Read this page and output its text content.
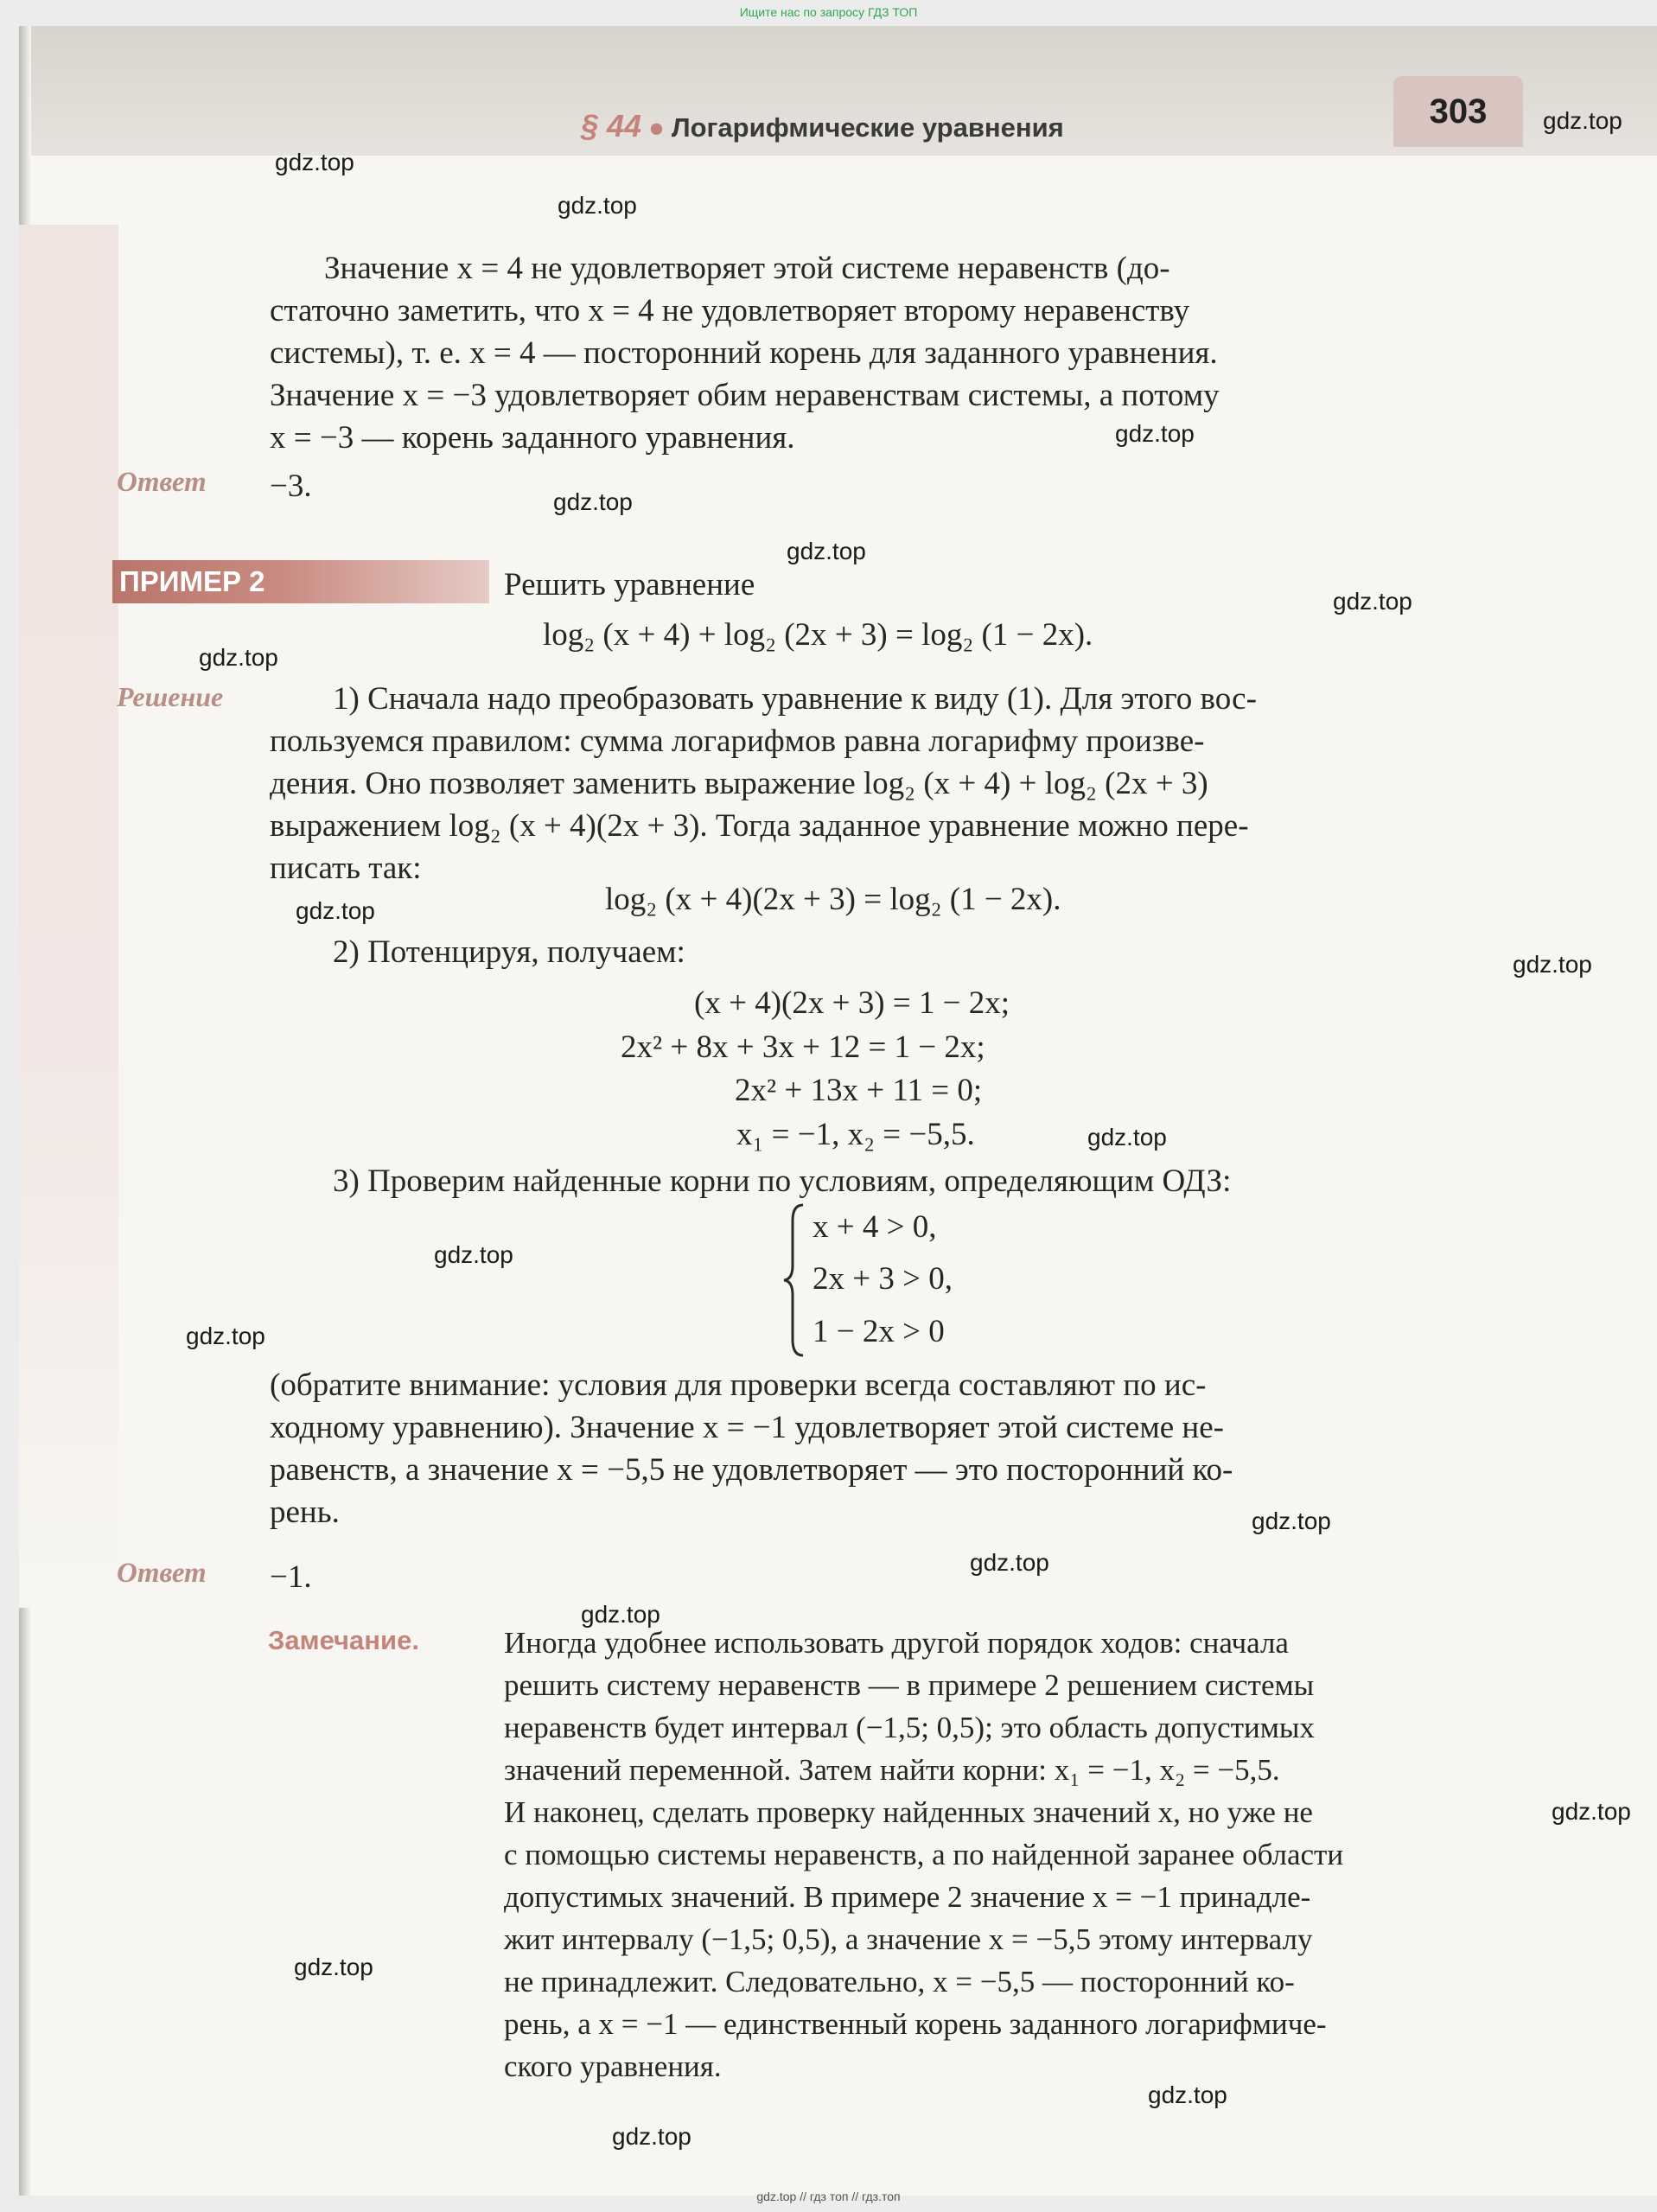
Ищите нас по запросу ГДЗ ТОП
§ 44 ● Логарифмические уравнения	303	gdz.top
gdz.top
gdz.top
gdz.top
gdz.top
gdz.top
gdz.top
gdz.top
gdz.top
gdz.top
gdz.top
gdz.top
gdz.top
gdz.top
gdz.top
gdz.top
gdz.top
gdz.top
gdz.top
gdz.top
Значение x = 4 не удовлетворяет этой системе неравенств (до-
статочно заметить, что x = 4 не удовлетворяет второму неравенству
системы), т. е. x = 4 — посторонний корень для заданного уравнения.
Значение x = −3 удовлетворяет обим неравенствам системы, а потому
x = −3 — корень заданного уравнения.
Ответ −3.
ПРИМЕР 2	Решить уравнение
log₂ (x + 4) + log₂ (2x + 3) = log₂ (1 − 2x).
Решение	1) Сначала надо преобразовать уравнение к виду (1). Для этого вос-
пользуемся правилом: сумма логарифмов равна логарифму произве-
дения. Оно позволяет заменить выражение log₂ (x + 4) + log₂ (2x + 3)
выражением log₂ (x + 4)(2x + 3). Тогда заданное уравнение можно пере-
писать так:
log₂ (x + 4)(2x + 3) = log₂ (1 − 2x).
2) Потенцируя, получаем:
(x + 4)(2x + 3) = 1 − 2x;
2x² + 8x + 3x + 12 = 1 − 2x;
2x² + 13x + 11 = 0;
x₁ = −1, x₂ = −5,5.
3) Проверим найденные корни по условиям, определяющим ОДЗ:
x + 4 > 0,
2x + 3 > 0,
1 − 2x > 0
(обратите внимание: условия для проверки всегда составляют по ис-
ходному уравнению). Значение x = −1 удовлетворяет этой системе не-
равенств, а значение x = −5,5 не удовлетворяет — это посторонний ко-
рень.
Ответ −1.
Замечание.	Иногда удобнее использовать другой порядок ходов: сначала
решить систему неравенств — в примере 2 решением системы
неравенств будет интервал (−1,5; 0,5); это область допустимых
значений переменной. Затем найти корни: x₁ = −1, x₂ = −5,5.
И наконец, сделать проверку найденных значений x, но уже не
с помощью системы неравенств, а по найденной заранее области
допустимых значений. В примере 2 значение x = −1 принадле-
жит интервалу (−1,5; 0,5), а значение x = −5,5 этому интервалу
не принадлежит. Следовательно, x = −5,5 — посторонний ко-
рень, а x = −1 — единственный корень заданного логарифмиче-
ского уравнения.
gdz.top // гдз топ // гдз.топ
